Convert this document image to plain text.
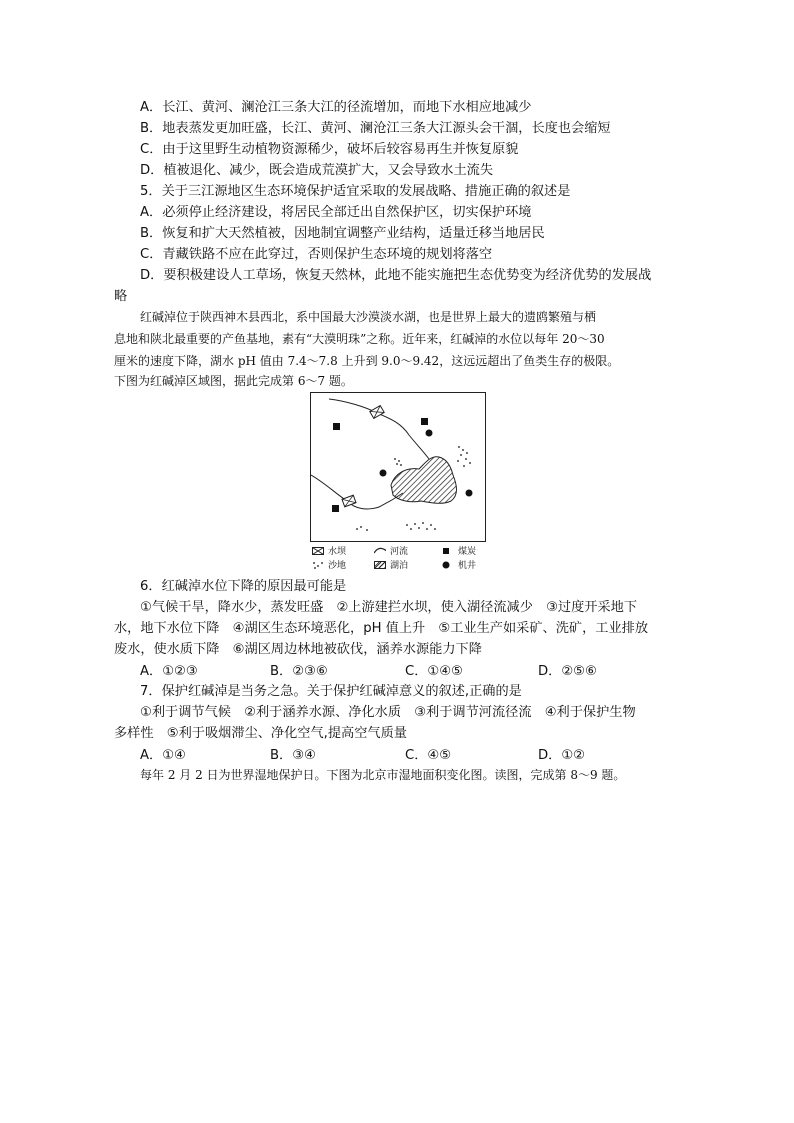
A．长江、黄河、澜沧江三条大江的径流增加，而地下水相应地减少
B．地表蒸发更加旺盛，长江、黄河、澜沧江三条大江源头会干涸，长度也会缩短
C．由于这里野生动植物资源稀少，破坏后较容易再生并恢复原貌
D．植被退化、减少，既会造成荒漠扩大，又会导致水土流失
5．关于三江源地区生态环境保护适宜采取的发展战略、措施正确的叙述是
A．必须停止经济建设，将居民全部迁出自然保护区，切实保护环境
B．恢复和扩大天然植被，因地制宜调整产业结构，适量迁移当地居民
C．青藏铁路不应在此穿过，否则保护生态环境的规划将落空
D．要积极建设人工草场，恢复天然林，此地不能实施把生态优势变为经济优势的发展战
略
红碱淖位于陕西神木县西北，系中国最大沙漠淡水湖，也是世界上最大的遗鸥繁殖与栖
息地和陕北最重要的产鱼基地，素有“大漠明珠”之称。近年来，红碱淖的水位以每年 20～30
厘米的速度下降，湖水 pH 值由 7.4～7.8 上升到 9.0～9.42，这远远超出了鱼类生存的极限。
下图为红碱淖区域图，据此完成第 6～7 题。
水坝	河流	煤炭
沙地	湖泊	机井
6．红碱淖水位下降的原因最可能是
①气候干旱，降水少，蒸发旺盛　②上游建拦水坝，使入湖径流减少　③过度开采地下
水，地下水位下降　④湖区生态环境恶化，pH 值上升　⑤工业生产如采矿、洗矿，工业排放
废水，使水质下降　⑥湖区周边林地被砍伐，涵养水源能力下降
A．①②③	B．②③⑥	C．①④⑤	D．②⑤⑥
7．保护红碱淖是当务之急。关于保护红碱淖意义的叙述,正确的是
①利于调节气候　②利于涵养水源、净化水质　③利于调节河流径流　④利于保护生物
多样性　⑤利于吸烟滞尘、净化空气,提高空气质量
A．①④	B．③④	C．④⑤	D．①②
每年 2 月 2 日为世界湿地保护日。下图为北京市湿地面积变化图。读图，完成第 8～9 题。
